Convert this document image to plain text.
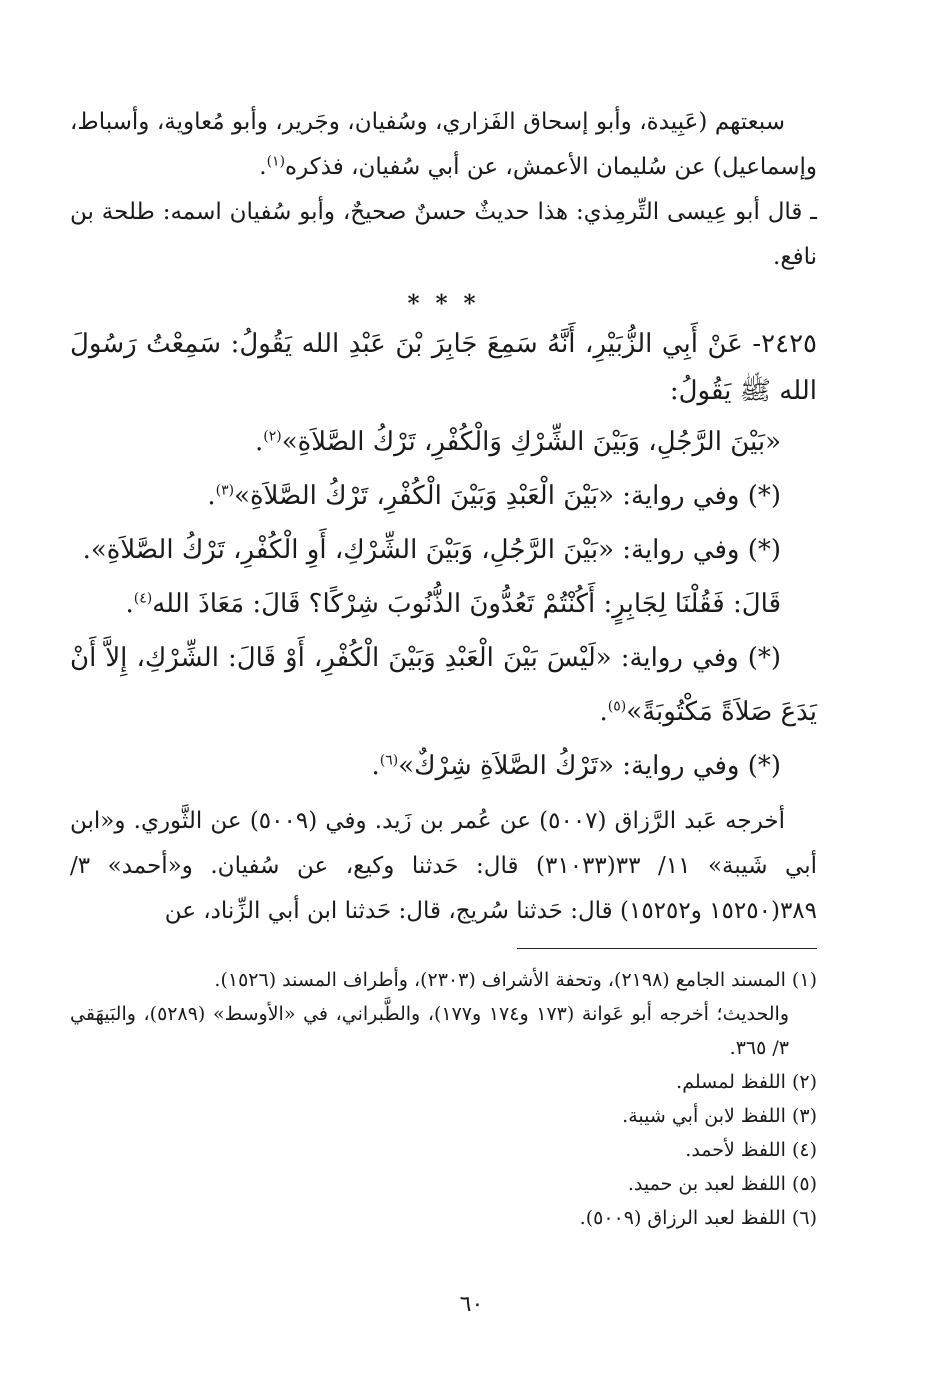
سبعتهم (عَبِيدة، وأبو إسحاق الفَزاري، وسُفيان، وجَرير، وأبو مُعاوية، وأسباط، وإسماعيل) عن سُليمان الأعمش، عن أبي سُفيان، فذكره$^{(١)}$.

ـ قال أبو عِيسى التِّرمِذي: هذا حديثٌ حسنٌ صحيحٌ، وأبو سُفيان اسمه: طلحة بن نافع.

* * *

٢٤٢٥- عَنْ أَبِي الزُّبَيْرِ، أَنَّهُ سَمِعَ جَابِرَ بْنَ عَبْدِ الله يَقُولُ: سَمِعْتُ رَسُولَ الله ﷺ يَقُولُ:

«بَيْنَ الرَّجُلِ، وَبَيْنَ الشِّرْكِ وَالْكُفْرِ، تَرْكُ الصَّلاَةِ»$^{(٢)}$.

(*) وفي رواية: «بَيْنَ الْعَبْدِ وَبَيْنَ الْكُفْرِ، تَرْكُ الصَّلاَةِ»$^{(٣)}$.

(*) وفي رواية: «بَيْنَ الرَّجُلِ، وَبَيْنَ الشِّرْكِ، أَوِ الْكُفْرِ، تَرْكُ الصَّلاَةِ».

قَالَ: فَقُلْنَا لِجَابِرٍ: أَكُنْتُمْ تَعُدُّونَ الذُّنُوبَ شِرْكًا؟ قَالَ: مَعَاذَ الله$^{(٤)}$.

(*) وفي رواية: «لَيْسَ بَيْنَ الْعَبْدِ وَبَيْنَ الْكُفْرِ، أَوْ قَالَ: الشِّرْكِ، إِلاَّ أَنْ يَدَعَ صَلاَةً مَكْتُوبَةً»$^{(٥)}$.

(*) وفي رواية: «تَرْكُ الصَّلاَةِ شِرْكٌ»$^{(٦)}$.

أخرجه عَبد الرَّزاق (٥٠٠٧) عن عُمر بن زَيد. وفي (٥٠٠٩) عن الثَّوري. و«ابن أبي شَيبة» ١١/ ٣٣(٣١٠٣٣) قال: حَدثنا وكيع، عن سُفيان. و«أحمد» ٣/ ٣٨٩(١٥٢٥٠ و١٥٢٥٢) قال: حَدثنا سُريج، قال: حَدثنا ابن أبي الزِّناد، عن

(١) المسند الجامع (٢١٩٨)، وتحفة الأشراف (٢٣٠٣)، وأطراف المسند (١٥٢٦).

والحديث؛ أخرجه أبو عَوانة (١٧٣ و١٧٤ و١٧٧)، والطَّبراني، في «الأوسط» (٥٢٨٩)، والبَيهَقي ٣/ ٣٦٥.

(٢) اللفظ لمسلم.

(٣) اللفظ لابن أبي شيبة.

(٤) اللفظ لأحمد.

(٥) اللفظ لعبد بن حميد.

(٦) اللفظ لعبد الرزاق (٥٠٠٩).

٦٠
